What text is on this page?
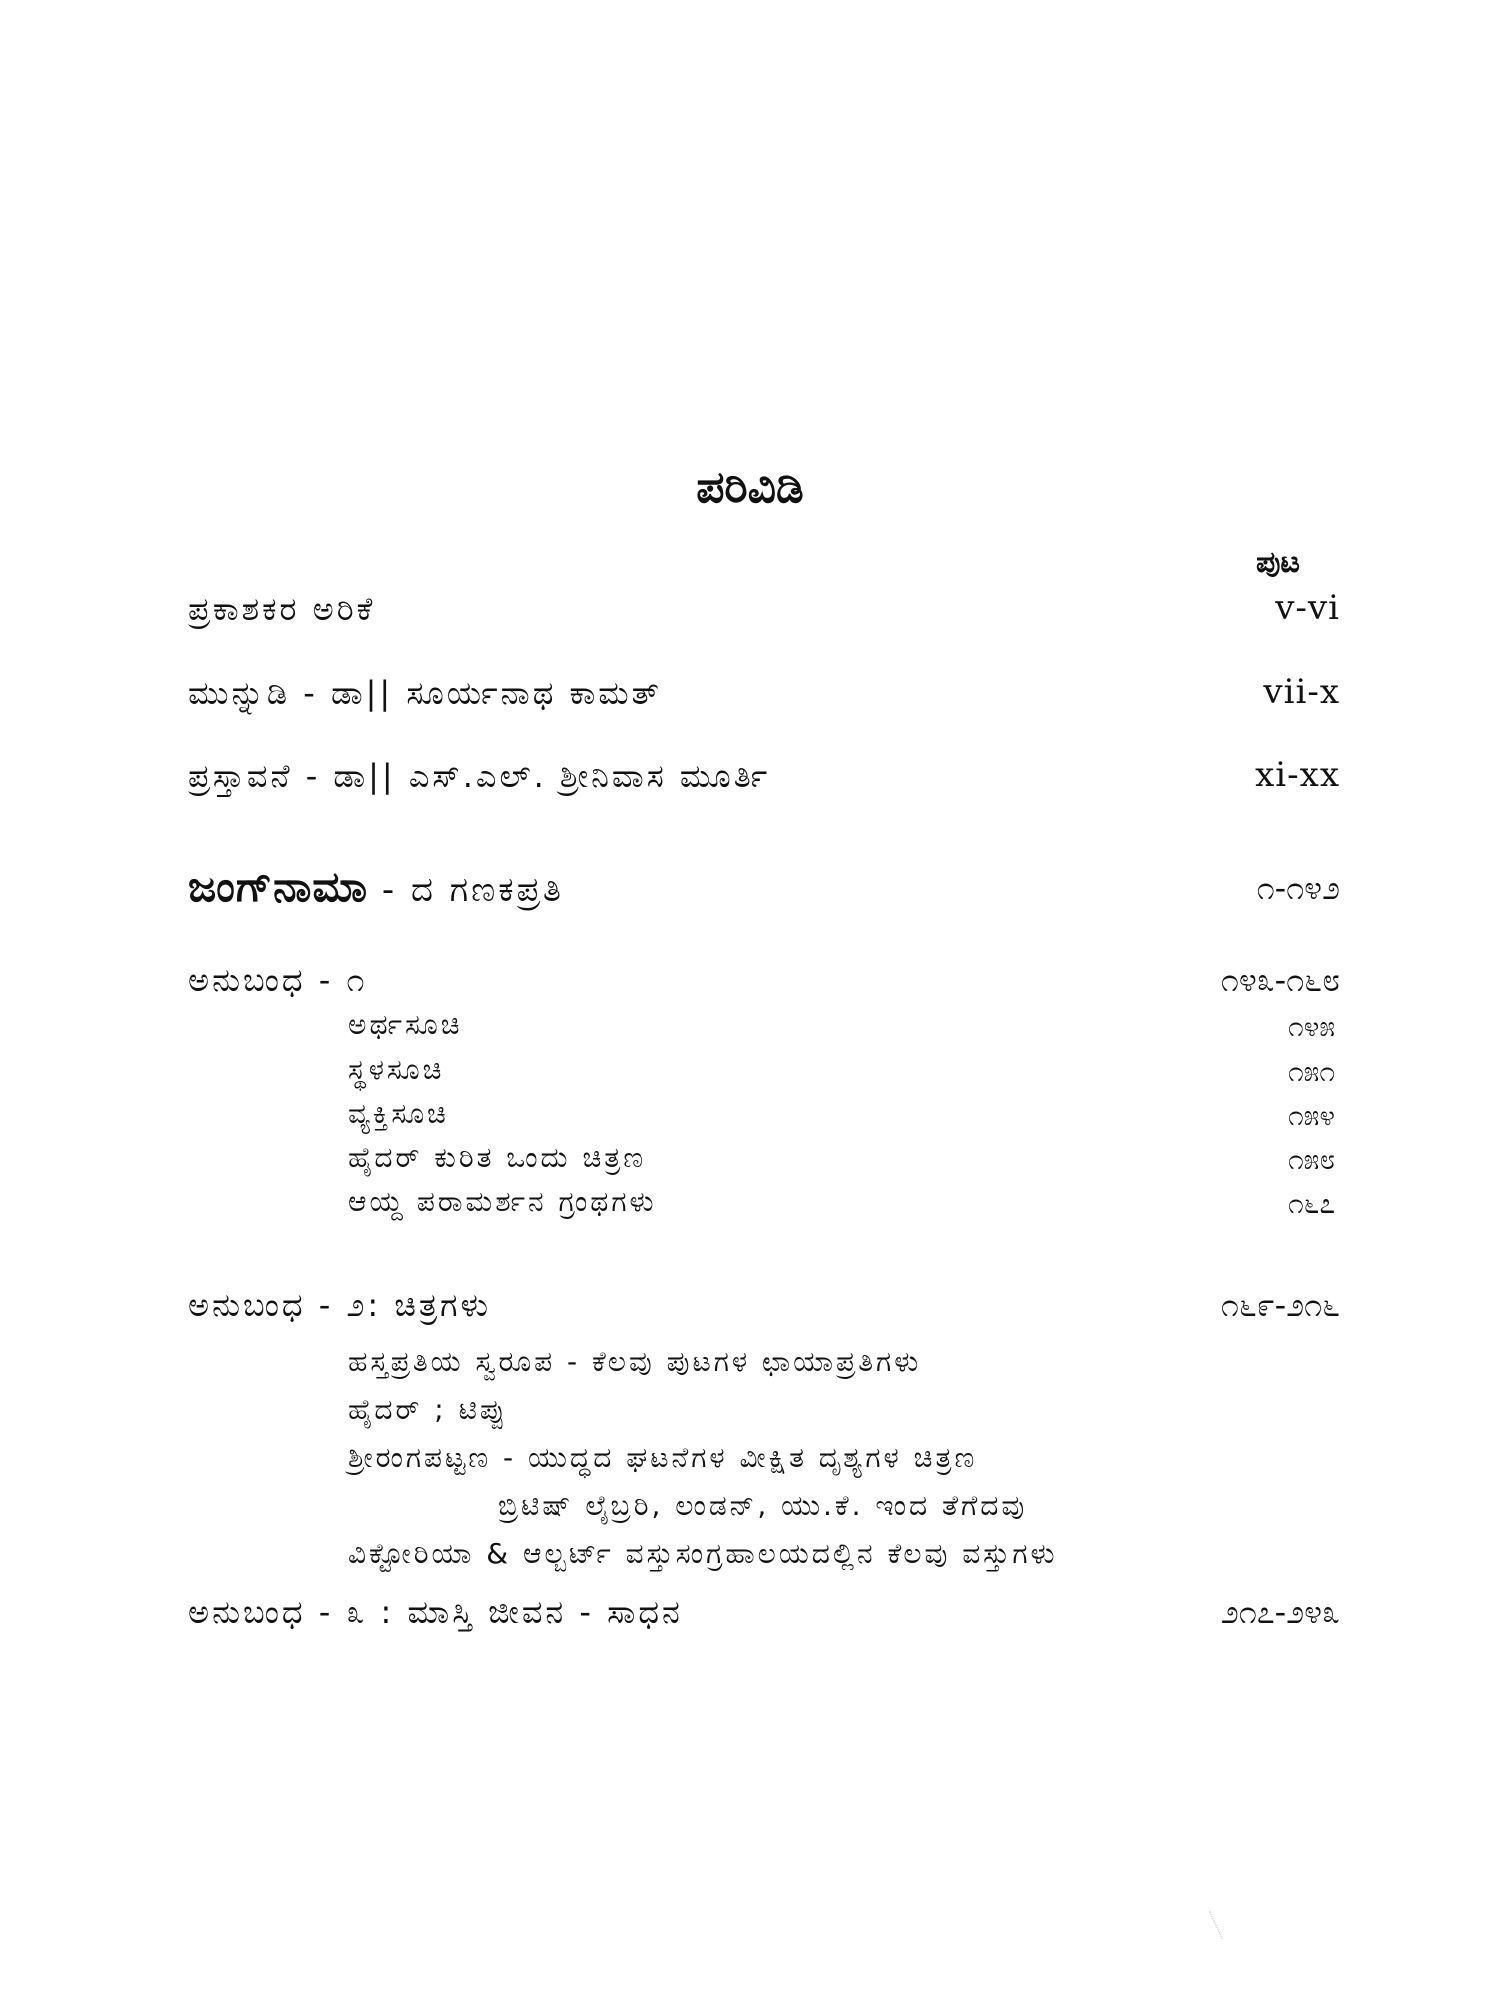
ಪರಿವಿಡಿ
ಪುಟ
ಪ್ರಕಾಶಕರ ಅರಿಕೆ	v-vi
ಮುನ್ನುಡಿ - ಡಾ|| ಸೂರ್ಯನಾಥ ಕಾಮತ್	vii-x
ಪ್ರಸ್ತಾವನೆ - ಡಾ|| ಎಸ್.ಎಲ್. ಶ್ರೀನಿವಾಸ ಮೂರ್ತಿ	xi-xx
ಜಂಗ್‌ನಾಮಾ - ದ ಗಣಕಪ್ರತಿ	೧-೧೪೨
ಅನುಬಂಧ - ೧	೧೪೩-೧೬೮
ಅರ್ಥಸೂಚಿ	೧೪೫
ಸ್ಥಳಸೂಚಿ	೧೫೧
ವ್ಯಕ್ತಿಸೂಚಿ	೧೫೪
ಹೈದರ್ ಕುರಿತ ಒಂದು ಚಿತ್ರಣ	೧೫೮
ಆಯ್ದ ಪರಾಮರ್ಶನ ಗ್ರಂಥಗಳು	೧೬೭
ಅನುಬಂಧ - ೨: ಚಿತ್ರಗಳು	೧೬೯-೨೧೬
ಹಸ್ತಪ್ರತಿಯ ಸ್ವರೂಪ - ಕೆಲವು ಪುಟಗಳ ಛಾಯಾಪ್ರತಿಗಳು
ಹೈದರ್ ; ಟಿಪ್ಪು
ಶ್ರೀರಂಗಪಟ್ಟಣ - ಯುದ್ಧದ ಘಟನೆಗಳ ವೀಕ್ಷಿತ ದೃಶ್ಯಗಳ ಚಿತ್ರಣ
ಬ್ರಿಟಿಷ್ ಲೈಬ್ರರಿ, ಲಂಡನ್, ಯು.ಕೆ. ಇಂದ ತೆಗೆದವು
ವಿಕ್ಟೋರಿಯಾ & ಆಲ್ಬರ್ಟ್ ವಸ್ತುಸಂಗ್ರಹಾಲಯದಲ್ಲಿನ ಕೆಲವು ವಸ್ತುಗಳು
ಅನುಬಂಧ - ೩ : ಮಾಸ್ತಿ ಜೀವನ - ಸಾಧನ	೨೧೭-೨೪೩
